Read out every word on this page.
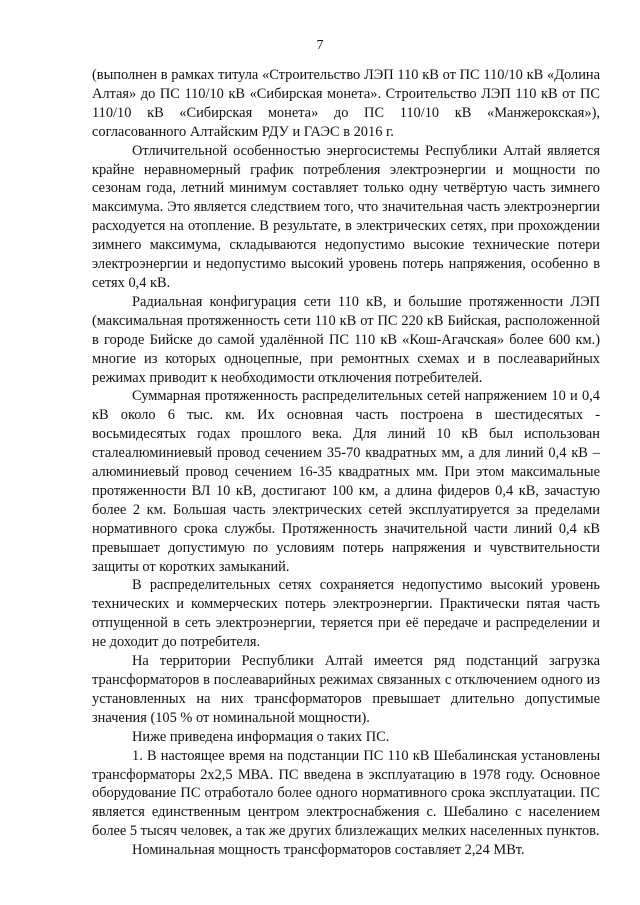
7

(выполнен в рамках титула «Строительство ЛЭП 110 кВ от ПС 110/10 кВ «Долина Алтая» до ПС 110/10 кВ «Сибирская монета». Строительство ЛЭП 110 кВ от ПС 110/10 кВ «Сибирская монета» до ПС 110/10 кВ «Манжерокская»), согласованного Алтайским РДУ и ГАЭС в 2016 г.

Отличительной особенностью энергосистемы Республики Алтай является крайне неравномерный график потребления электроэнергии и мощности по сезонам года, летний минимум составляет только одну четвёртую часть зимнего максимума. Это является следствием того, что значительная часть электроэнергии расходуется на отопление. В результате, в электрических сетях, при прохождении зимнего максимума, складываются недопустимо высокие технические потери электроэнергии и недопустимо высокий уровень потерь напряжения, особенно в сетях 0,4 кВ.

Радиальная конфигурация сети 110 кВ, и большие протяженности ЛЭП (максимальная протяженность сети 110 кВ от ПС 220 кВ Бийская, расположенной в городе Бийске до самой удалённой ПС 110 кВ «Кош-Агачская» более 600 км.) многие из которых одноцепные, при ремонтных схемах и в послеаварийных режимах приводит к необходимости отключения потребителей.

Суммарная протяженность распределительных сетей напряжением 10 и 0,4 кВ около 6 тыс. км. Их основная часть построена в шестидесятых - восьмидесятых годах прошлого века. Для линий 10 кВ был использован сталеалюминиевый провод сечением 35-70 квадратных мм, а для линий 0,4 кВ – алюминиевый провод сечением 16-35 квадратных мм. При этом максимальные протяженности ВЛ 10 кВ, достигают 100 км, а длина фидеров 0,4 кВ, зачастую более 2 км. Большая часть электрических сетей эксплуатируется за пределами нормативного срока службы. Протяженность значительной части линий 0,4 кВ превышает допустимую по условиям потерь напряжения и чувствительности защиты от коротких замыканий.

В распределительных сетях сохраняется недопустимо высокий уровень технических и коммерческих потерь электроэнергии. Практически пятая часть отпущенной в сеть электроэнергии, теряется при её передаче и распределении и не доходит до потребителя.

На территории Республики Алтай имеется ряд подстанций загрузка трансформаторов в послеаварийных режимах связанных с отключением одного из установленных на них трансформаторов превышает длительно допустимые значения (105 % от номинальной мощности).

Ниже приведена информация о таких ПС.

1. В настоящее время на подстанции ПС 110 кВ Шебалинская установлены трансформаторы 2х2,5 МВА. ПС введена в эксплуатацию в 1978 году. Основное оборудование ПС отработало более одного нормативного срока эксплуатации. ПС является единственным центром электроснабжения с. Шебалино с населением более 5 тысяч человек, а так же других близлежащих мелких населенных пунктов.

Номинальная мощность трансформаторов составляет 2,24 МВт.
